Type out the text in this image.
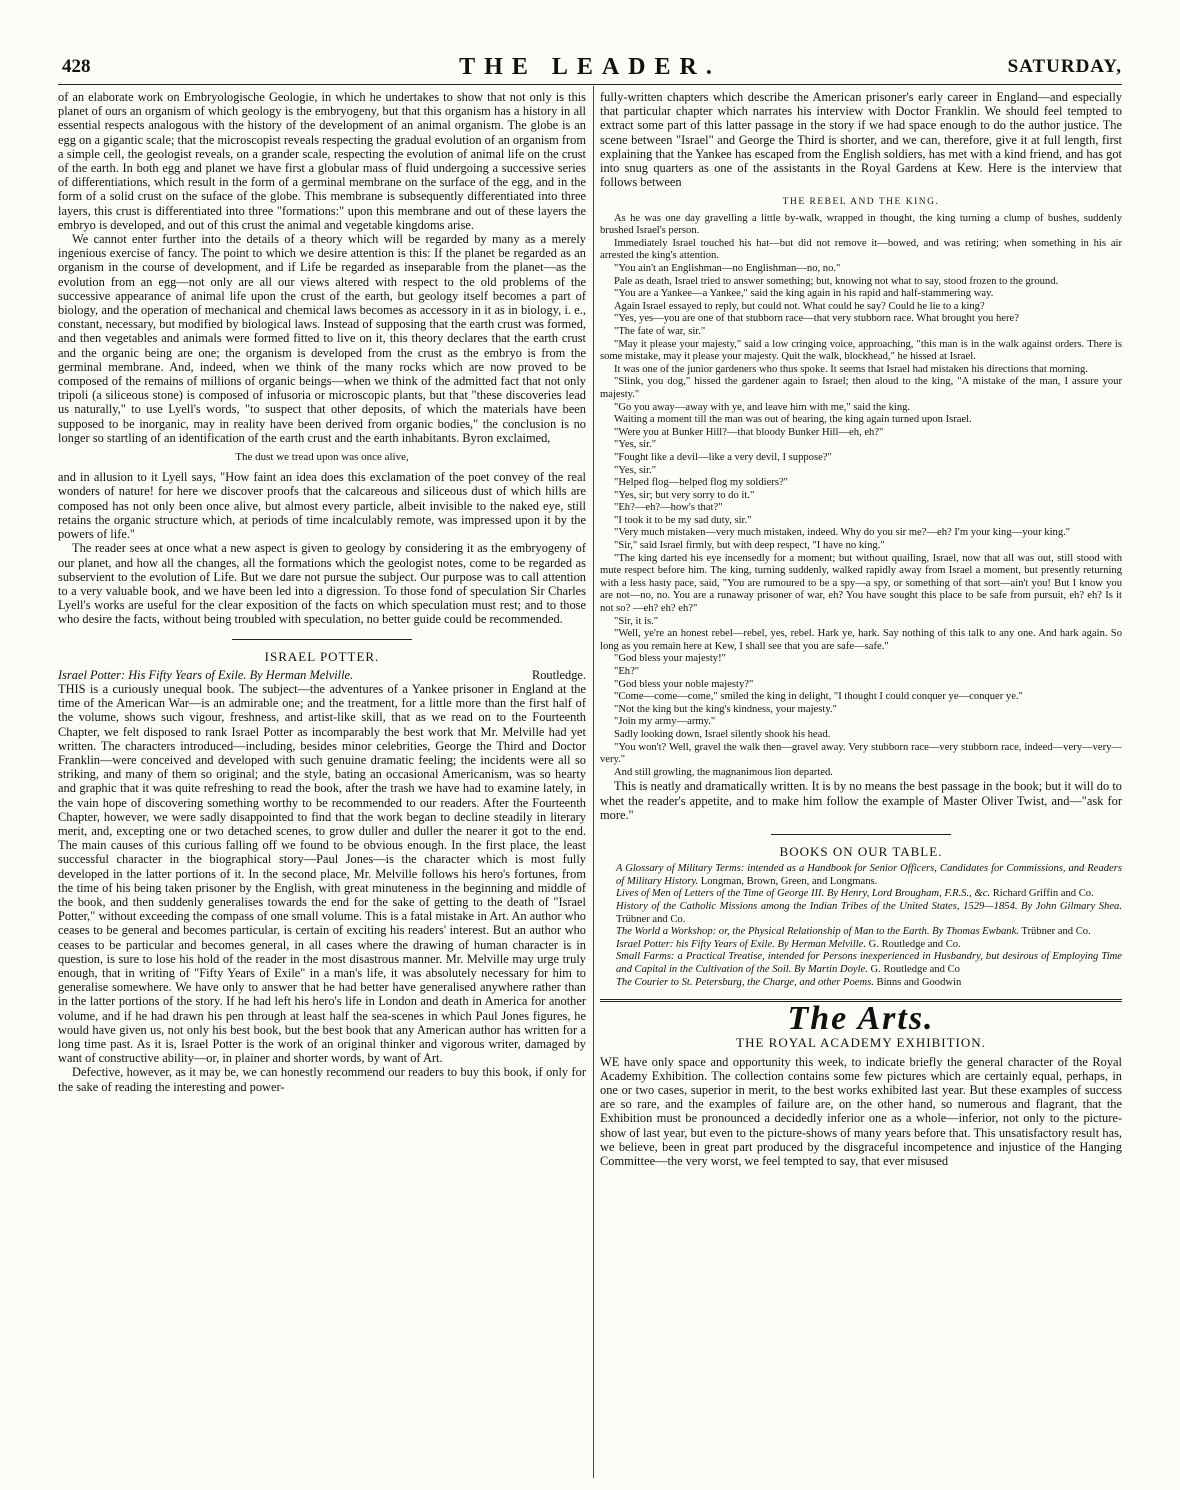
428	THE LEADER.	SATURDAY,

of an elaborate work on Embryologische Geologie, in which he undertakes to show that not only is this planet of ours an organism of which geology is the embryogeny, but that this organism has a history in all essential respects analogous with the history of the development of an animal organism. The globe is an egg on a gigantic scale; that the microscopist reveals respecting the gradual evolution of an organism from a simple cell, the geologist reveals, on a grander scale, respecting the evolution of animal life on the crust of the earth. In both egg and planet we have first a globular mass of fluid undergoing a successive series of differentiations, which result in the form of a germinal membrane on the surface of the egg, and in the form of a solid crust on the suface of the globe. This membrane is subsequently differentiated into three layers, this crust is differentiated into three "formations:" upon this membrane and out of these layers the embryo is developed, and out of this crust the animal and vegetable kingdoms arise.

We cannot enter further into the details of a theory which will be regarded by many as a merely ingenious exercise of fancy. The point to which we desire attention is this: If the planet be regarded as an organism in the course of development, and if Life be regarded as inseparable from the planet—as the evolution from an egg—not only are all our views altered with respect to the old problems of the successive appearance of animal life upon the crust of the earth, but geology itself becomes a part of biology, and the operation of mechanical and chemical laws becomes as accessory in it as in biology, i. e., constant, necessary, but modified by biological laws. Instead of supposing that the earth crust was formed, and then vegetables and animals were formed fitted to live on it, this theory declares that the earth crust and the organic being are one; the organism is developed from the crust as the embryo is from the germinal membrane. And, indeed, when we think of the many rocks which are now proved to be composed of the remains of millions of organic beings—when we think of the admitted fact that not only tripoli (a siliceous stone) is composed of infusoria or microscopic plants, but that "these discoveries lead us naturally," to use Lyell's words, "to suspect that other deposits, of which the materials have been supposed to be inorganic, may in reality have been derived from organic bodies," the conclusion is no longer so startling of an identification of the earth crust and the earth inhabitants. Byron exclaimed,

The dust we tread upon was once alive,

and in allusion to it Lyell says, "How faint an idea does this exclamation of the poet convey of the real wonders of nature! for here we discover proofs that the calcareous and siliceous dust of which hills are composed has not only been once alive, but almost every particle, albeit invisible to the naked eye, still retains the organic structure which, at periods of time incalculably remote, was impressed upon it by the powers of life."

The reader sees at once what a new aspect is given to geology by considering it as the embryogeny of our planet, and how all the changes, all the formations which the geologist notes, come to be regarded as subservient to the evolution of Life. But we dare not pursue the subject. Our purpose was to call attention to a very valuable book, and we have been led into a digression. To those fond of speculation Sir Charles Lyell's works are useful for the clear exposition of the facts on which speculation must rest; and to those who desire the facts, without being troubled with speculation, no better guide could be recommended.

ISRAEL POTTER.
Israel Potter: His Fifty Years of Exile. By Herman Melville.	Routledge.

THIS is a curiously unequal book. The subject—the adventures of a Yankee prisoner in England at the time of the American War—is an admirable one; and the treatment, for a little more than the first half of the volume, shows such vigour, freshness, and artist-like skill, that as we read on to the Fourteenth Chapter, we felt disposed to rank Israel Potter as incomparably the best work that Mr. Melville had yet written. The characters introduced—including, besides minor celebrities, George the Third and Doctor Franklin—were conceived and developed with such genuine dramatic feeling; the incidents were all so striking, and many of them so original; and the style, bating an occasional Americanism, was so hearty and graphic that it was quite refreshing to read the book, after the trash we have had to examine lately, in the vain hope of discovering something worthy to be recommended to our readers. After the Fourteenth Chapter, however, we were sadly disappointed to find that the work began to decline steadily in literary merit, and, excepting one or two detached scenes, to grow duller and duller the nearer it got to the end. The main causes of this curious falling off we found to be obvious enough. In the first place, the least successful character in the biographical story—Paul Jones—is the character which is most fully developed in the latter portions of it. In the second place, Mr. Melville follows his hero's fortunes, from the time of his being taken prisoner by the English, with great minuteness in the beginning and middle of the book, and then suddenly generalises towards the end for the sake of getting to the death of "Israel Potter," without exceeding the compass of one small volume. This is a fatal mistake in Art. An author who ceases to be general and becomes particular, is certain of exciting his readers' interest. But an author who ceases to be particular and becomes general, in all cases where the drawing of human character is in question, is sure to lose his hold of the reader in the most disastrous manner. Mr. Melville may urge truly enough, that in writing of "Fifty Years of Exile" in a man's life, it was absolutely necessary for him to generalise somewhere. We have only to answer that he had better have generalised anywhere rather than in the latter portions of the story. If he had left his hero's life in London and death in America for another volume, and if he had drawn his pen through at least half the sea-scenes in which Paul Jones figures, he would have given us, not only his best book, but the best book that any American author has written for a long time past. As it is, Israel Potter is the work of an original thinker and vigorous writer, damaged by want of constructive ability—or, in plainer and shorter words, by want of Art.

Defective, however, as it may be, we can honestly recommend our readers to buy this book, if only for the sake of reading the interesting and power-

fully-written chapters which describe the American prisoner's early career in England—and especially that particular chapter which narrates his interview with Doctor Franklin. We should feel tempted to extract some part of this latter passage in the story if we had space enough to do the author justice. The scene between "Israel" and George the Third is shorter, and we can, therefore, give it at full length, first explaining that the Yankee has escaped from the English soldiers, has met with a kind friend, and has got into snug quarters as one of the assistants in the Royal Gardens at Kew. Here is the interview that follows between

THE REBEL AND THE KING.

As he was one day gravelling a little by-walk, wrapped in thought, the king turning a clump of bushes, suddenly brushed Israel's person.

Immediately Israel touched his hat—but did not remove it—bowed, and was retiring; when something in his air arrested the king's attention.

"You ain't an Englishman—no Englishman—no, no."

Pale as death, Israel tried to answer something; but, knowing not what to say, stood frozen to the ground.

"You are a Yankee—a Yankee," said the king again in his rapid and half-stammering way.

Again Israel essayed to reply, but could not. What could he say? Could he lie to a king?

"Yes, yes—you are one of that stubborn race—that very stubborn race. What brought you here?

"The fate of war, sir."

"May it please your majesty," said a low cringing voice, approaching, "this man is in the walk against orders. There is some mistake, may it please your majesty. Quit the walk, blockhead," he hissed at Israel.

It was one of the junior gardeners who thus spoke. It seems that Israel had mistaken his directions that morning.

"Slink, you dog," hissed the gardener again to Israel; then aloud to the king, "A mistake of the man, I assure your majesty."

"Go you away—away with ye, and leave him with me," said the king.

Waiting a moment till the man was out of hearing, the king again turned upon Israel.

"Were you at Bunker Hill?—that bloody Bunker Hill—eh, eh?"

"Yes, sir."

"Fought like a devil—like a very devil, I suppose?"

"Yes, sir."

"Helped flog—helped flog my soldiers?"

"Yes, sir; but very sorry to do it."

"Eh?—eh?—how's that?"

"I took it to be my sad duty, sir."

"Very much mistaken—very much mistaken, indeed. Why do you sir me?—eh? I'm your king—your king."

"Sir," said Israel firmly, but with deep respect, "I have no king."

"The king darted his eye incensedly for a moment; but without quailing, Israel, now that all was out, still stood with mute respect before him. The king, turning suddenly, walked rapidly away from Israel a moment, but presently returning with a less hasty pace, said, "You are rumoured to be a spy—a spy, or something of that sort—ain't you! But I know you are not—no, no. You are a runaway prisoner of war, eh? You have sought this place to be safe from pursuit, eh? eh? Is it not so? —eh? eh? eh?"

"Sir, it is."

"Well, ye're an honest rebel—rebel, yes, rebel. Hark ye, hark. Say nothing of this talk to any one. And hark again. So long as you remain here at Kew, I shall see that you are safe—safe."

"God bless your majesty!"

"Eh?"

"God bless your noble majesty?"

"Come—come—come," smiled the king in delight, "I thought I could conquer ye—conquer ye."

"Not the king but the king's kindness, your majesty."

"Join my army—army."

Sadly looking down, Israel silently shook his head.

"You won't? Well, gravel the walk then—gravel away. Very stubborn race—very stubborn race, indeed—very—very—very."

And still growling, the magnanimous lion departed.

This is neatly and dramatically written. It is by no means the best passage in the book; but it will do to whet the reader's appetite, and to make him follow the example of Master Oliver Twist, and—"ask for more."

BOOKS ON OUR TABLE.

A Glossary of Military Terms: intended as a Handbook for Senior Officers, Candidates for Commissions, and Readers of Military History. Longman, Brown, Green, and Longmans.

Lives of Men of Letters of the Time of George III. By Henry, Lord Brougham, F.R.S., &c. Richard Griffin and Co.

History of the Catholic Missions among the Indian Tribes of the United States, 1529—1854. By John Gilmary Shea. Trübner and Co.

The World a Workshop: or, the Physical Relationship of Man to the Earth. By Thomas Ewbank. Trübner and Co.

Israel Potter: his Fifty Years of Exile. By Herman Melville. G. Routledge and Co.

Small Farms: a Practical Treatise, intended for Persons inexperienced in Husbandry, but desirous of Employing Time and Capital in the Cultivation of the Soil. By Martin Doyle. G. Routledge and Co

The Courier to St. Petersburg, the Charge, and other Poems. Binns and Goodwin

The Arts.
THE ROYAL ACADEMY EXHIBITION.

WE have only space and opportunity this week, to indicate briefly the general character of the Royal Academy Exhibition. The collection contains some few pictures which are certainly equal, perhaps, in one or two cases, superior in merit, to the best works exhibited last year. But these examples of success are so rare, and the examples of failure are, on the other hand, so numerous and flagrant, that the Exhibition must be pronounced a decidedly inferior one as a whole—inferior, not only to the picture-show of last year, but even to the picture-shows of many years before that. This unsatisfactory result has, we believe, been in great part produced by the disgraceful incompetence and injustice of the Hanging Committee—the very worst, we feel tempted to say, that ever misused
